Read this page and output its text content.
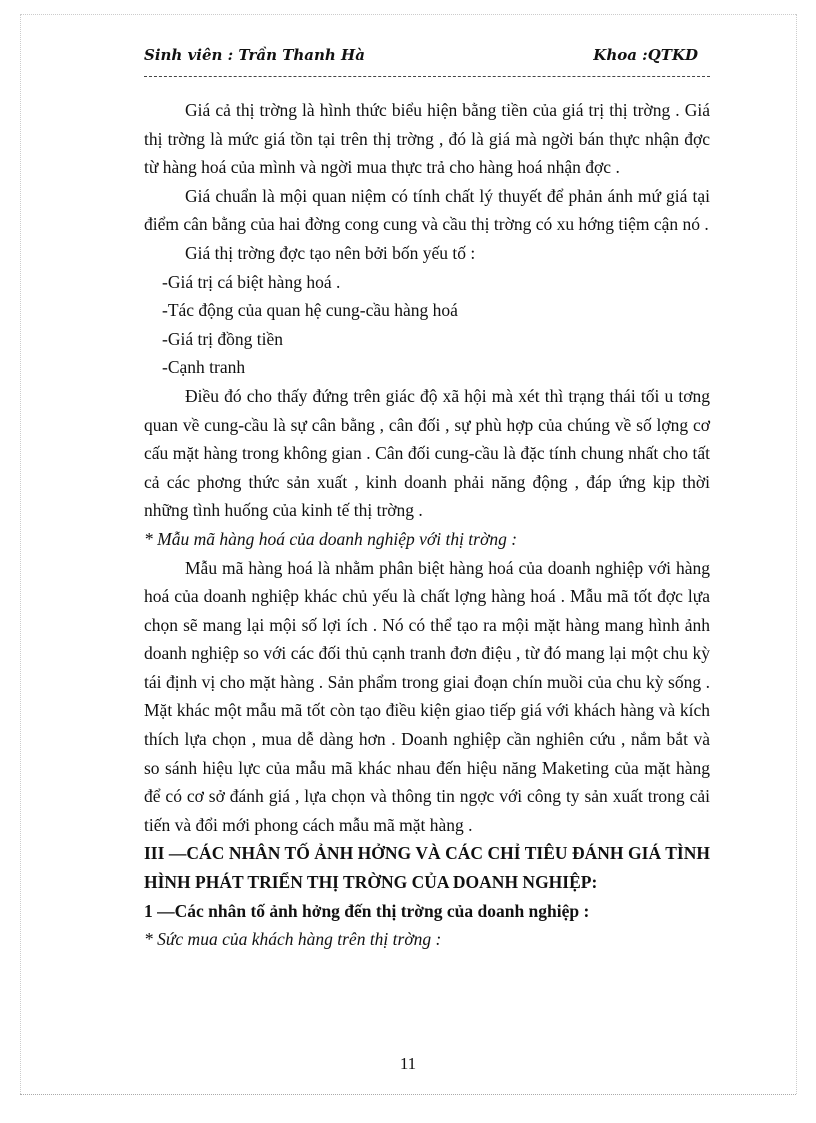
Sinh viên : Trần Thanh Hà	Khoa :QTKD

Giá cả thị trờng là hình thức biểu hiện bằng tiền của giá trị thị trờng . Giá thị trờng là mức giá tồn tại trên thị trờng , đó là giá mà ngời bán thực nhận đợc từ hàng hoá của mình và ngời mua thực trả cho hàng hoá nhận đợc .

Giá chuẩn là mội quan niệm có tính chất lý thuyết để phản ánh mứ giá tại điểm cân bằng của hai đờng cong cung và cầu thị trờng có xu hớng tiệm cận nó .

Giá thị trờng đợc tạo nên bởi bốn yếu tố :

-Giá trị cá biệt hàng hoá .

-Tác động của quan hệ cung-cầu hàng hoá

-Giá trị đồng tiền

-Cạnh tranh

Điều đó cho thấy đứng trên giác độ xã hội mà xét thì trạng thái tối u tơng quan về cung-cầu là sự cân bằng , cân đối , sự phù hợp của chúng về số lợng cơ cấu mặt hàng trong không gian . Cân đối cung-cầu là đặc tính chung nhất cho tất cả các phơng thức sản xuất , kinh doanh phải năng động , đáp ứng kịp thời những tình huống của kinh tế thị trờng .

* Mẫu mã hàng hoá của doanh nghiệp với thị trờng :

Mẫu mã hàng hoá là nhằm phân biệt hàng hoá của doanh nghiệp với hàng hoá của doanh nghiệp khác chủ yếu là chất lợng hàng hoá . Mẫu mã tốt đợc lựa chọn sẽ mang lại mội số lợi ích . Nó có thể tạo ra mội mặt hàng mang hình ảnh doanh nghiệp so với các đối thủ cạnh tranh đơn điệu , từ đó mang lại một chu kỳ tái định vị cho mặt hàng . Sản phẩm trong giai đoạn chín muồi của chu kỳ sống . Mặt khác một mẫu mã tốt còn tạo điều kiện giao tiếp giá với khách hàng và kích thích lựa chọn , mua dễ dàng hơn . Doanh nghiệp cần nghiên cứu , nắm bắt và so sánh hiệu lực của mẫu mã khác nhau đến hiệu năng Maketing của mặt hàng để có cơ sở đánh giá , lựa chọn và thông tin ngợc với công ty sản xuất trong cải tiến và đổi mới phong cách mẫu mã mặt hàng .

III —CÁC NHÂN TỐ ẢNH HỞNG VÀ CÁC CHỈ TIÊU ĐÁNH GIÁ TÌNH HÌNH PHÁT TRIỂN THỊ TRỜNG CỦA DOANH NGHIỆP:

1 —Các nhân tố ảnh hởng đến thị trờng của doanh nghiệp :

* Sức mua của khách hàng trên thị trờng :

11
